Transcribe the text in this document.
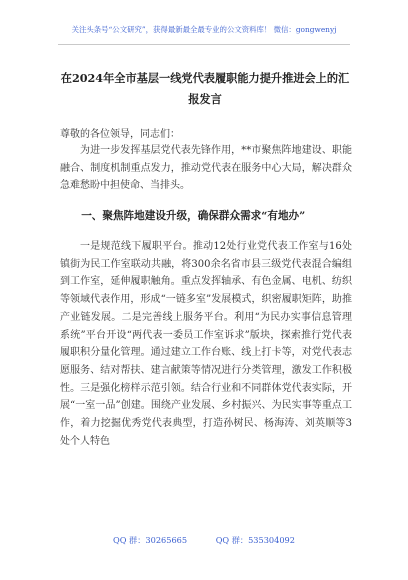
关注头条号“公文研究”，获得最新最全最专业的公文资料库！ 微信：gongwenyj
在2024年全市基层一线党代表履职能力提升推进会上的汇报发言
尊敬的各位领导，同志们：

为进一步发挥基层党代表先锋作用，**市聚焦阵地建设、职能融合、制度机制重点发力，推动党代表在服务中心大局，解决群众急难愁盼中担使命、当排头。

一、聚焦阵地建设升级，确保群众需求“有地办”

一是规范线下履职平台。推动12处行业党代表工作室与16处镇街为民工作室联动共融，将300余名省市县三级党代表混合编组到工作室，延伸履职触角。重点发挥轴承、有色金属、电机、纺织等领域代表作用，形成“一链多室”发展模式，织密履职矩阵，助推产业链发展。二是完善线上服务平台。利用“为民办实事信息管理系统”平台开设“两代表一委员工作室诉求”版块，探索推行党代表履职积分量化管理。通过建立工作台账、线上打卡等，对党代表志愿服务、结对帮扶、建言献策等情况进行分类管理，激发工作积极性。三是强化榜样示范引领。结合行业和不同群体党代表实际，开展“一室一品”创建。围绕产业发展、乡村振兴、为民实事等重点工作，着力挖掘优秀党代表典型，打造孙树民、杨海涛、刘英顺等3处个人特色

QQ 群：30265665	QQ 群：535304092
